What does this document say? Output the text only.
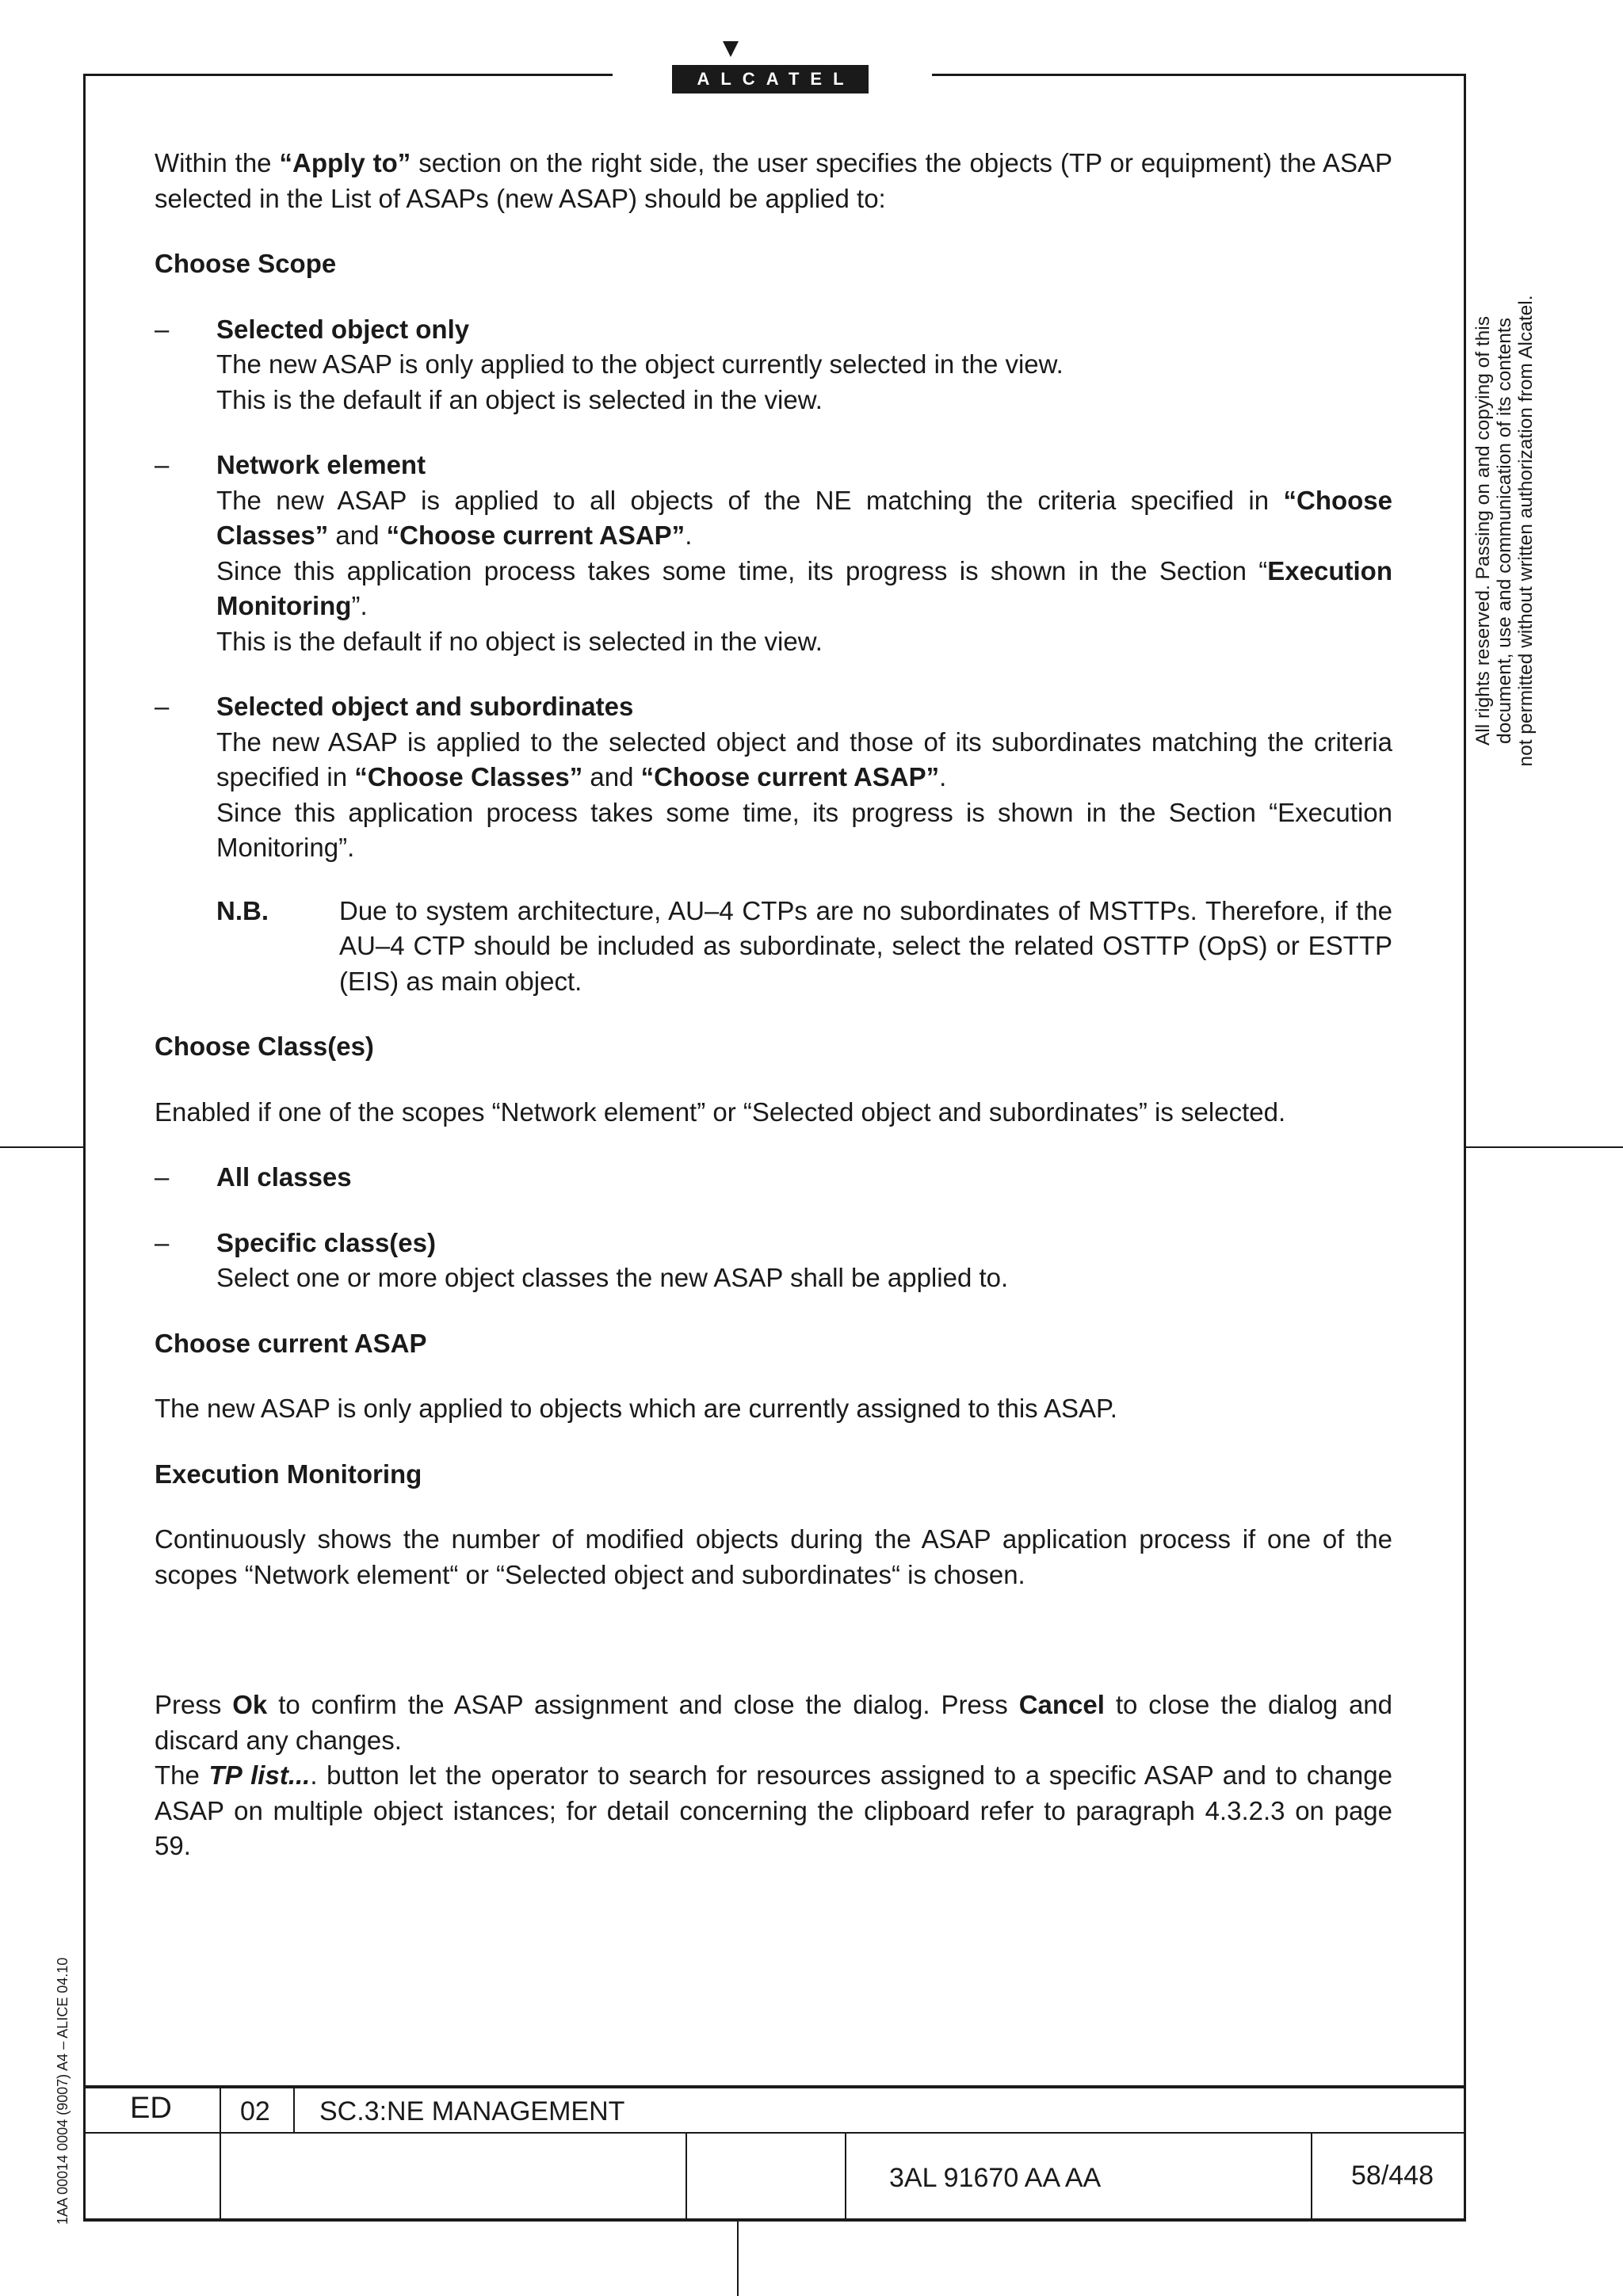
ALCATEL

Within the “Apply to” section on the right side, the user specifies the objects (TP or equipment) the ASAP selected in the List of ASAPs (new ASAP) should be applied to:

Choose Scope

– Selected object only

The new ASAP is only applied to the object currently selected in the view.

This is the default if an object is selected in the view.

– Network element

The new ASAP is applied to all objects of the NE matching the criteria specified in “Choose Classes” and “Choose current ASAP”.

Since this application process takes some time, its progress is shown in the Section “Execution Monitoring”.

This is the default if no object is selected in the view.

– Selected object and subordinates

The new ASAP is applied to the selected object and those of its subordinates matching the criteria specified in “Choose Classes” and “Choose current ASAP”.

Since this application process takes some time, its progress is shown in the Section “Execution Monitoring”.

N.B.	Due to system architecture, AU–4 CTPs are no subordinates of MSTTPs. Therefore, if the AU–4 CTP should be included as subordinate, select the related OSTTP (OpS) or ESTTP (EIS) as main object.

Choose Class(es)

Enabled if one of the scopes “Network element” or “Selected object and subordinates” is selected.

– All classes

– Specific class(es)

Select one or more object classes the new ASAP shall be applied to.

Choose current ASAP

The new ASAP is only applied to objects which are currently assigned to this ASAP.

Execution Monitoring

Continuously shows the number of modified objects during the ASAP application process if one of the scopes “Network element“ or “Selected object and subordinates“ is chosen.

Press Ok to confirm the ASAP assignment and close the dialog. Press Cancel to close the dialog and discard any changes.

The TP list.... button let the operator to search for resources assigned to a specific ASAP and to change ASAP on multiple object istances; for detail concerning the clipboard refer to paragraph 4.3.2.3 on page 59.

All rights reserved. Passing on and copying of this document, use and communication of its contents not permitted without written authorization from Alcatel.
1AA 00014 0004 (9007) A4 – ALICE 04.10 ED	02 SC.3:NE MANAGEMENT
3AL 91670 AA AA	58/448
